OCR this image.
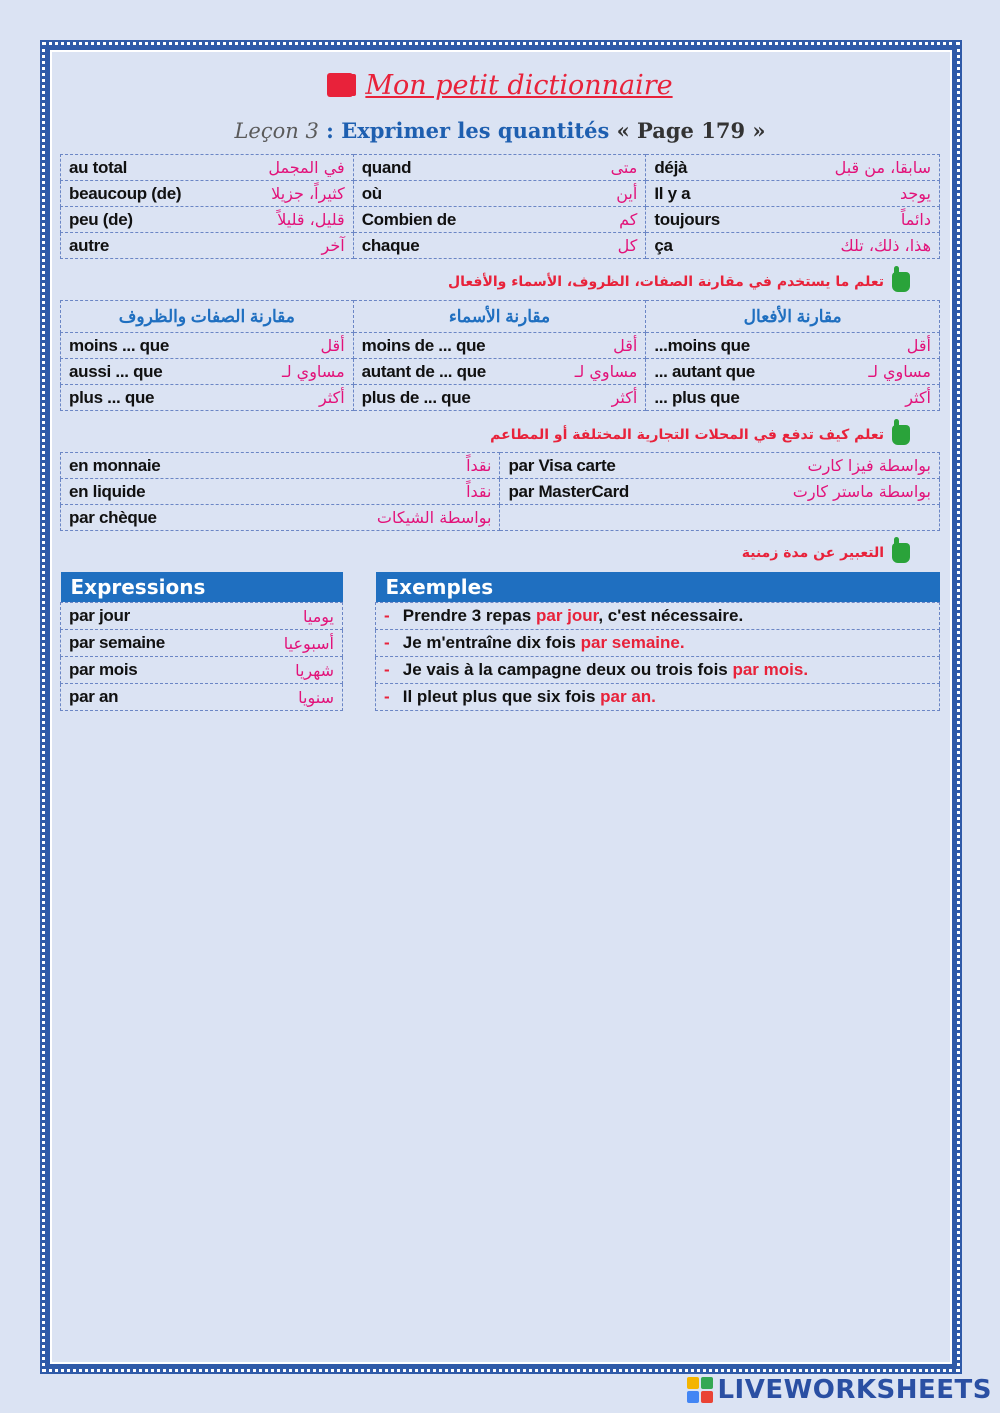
Mon petit dictionnaire
Leçon 3 : Exprimer les quantités « Page 179 »
au total في المجمل	quand متى	déjà سابقا، من قبل

beaucoup (de) كثيراً، جزيلا	où أين	Il y a يوجد

peu (de) قليل، قليلاً	Combien de كم	toujours دائماً

autre آخر	chaque كل	ça هذا، ذلك، تلك
تعلم ما يستخدم في مقارنة الصفات، الظروف، الأسماء والأفعال
مقارنة الصفات والظروف	مقارنة الأسماء	مقارنة الأفعال

moins ... que أقل	moins de ... que أقل	...moins que أقل

aussi ... que مساوي لـ	autant de ... que مساوي لـ	... autant que مساوي لـ

plus ... que أكثر	plus de ... que أكثر	... plus que أكثر
تعلم كيف تدفع في المحلات التجارية المختلفة أو المطاعم
en monnaie نقداً	par Visa carte بواسطة فيزا كارت

en liquide نقداً	par MasterCard بواسطة ماستر كارت

par chèque بواسطة الشيكات	

التعبير عن مدة زمنية
Expressions

par jour	يوميا

par semaine	أسبوعيا

par mois	شهريا

par an	سنويا
Exemples

- Prendre 3 repas par jour, c'est nécessaire.
- Je m'entraîne dix fois par semaine.
- Je vais à la campagne deux ou trois fois par mois.
- Il pleut plus que six fois par an.
LIVEWORKSHEETS
